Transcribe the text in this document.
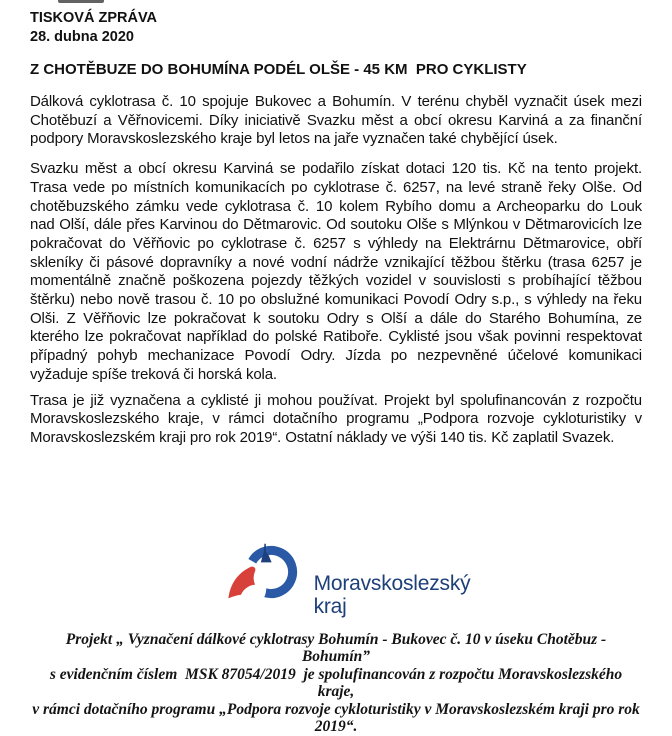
TISKOVÁ ZPRÁVA
28. dubna 2020
Z CHOTĚBUZE DO BOHUMÍNA PODÉL OLŠE - 45 KM  PRO CYKLISTY
Dálková cyklotrasa č. 10 spojuje Bukovec a Bohumín. V terénu chyběl vyznačit úsek mezi
Chotěbuzí a Věřnovicemi. Díky iniciativě Svazku měst a obcí okresu Karviná a za finanční
podpory Moravskoslezského kraje byl letos na jaře vyznačen také chybějící úsek.
Svazku měst a obcí okresu Karviná se podařilo získat dotaci 120 tis. Kč na tento projekt.
Trasa vede po místních komunikacích po cyklotrase č. 6257, na levé straně řeky Olše. Od
chotěbuzského zámku vede cyklotrasa č. 10 kolem Rybího domu a Archeoparku do Louk
nad Olší, dále přes Karvinou do Dětmarovic. Od soutoku Olše s Mlýnkou v Dětmarovicích lze
pokračovat do Věřňovic po cyklotrase č. 6257 s výhledy na Elektrárnu Dětmarovice, obří
skleníky či pásové dopravníky a nové vodní nádrže vznikající těžbou štěrku (trasa 6257 je
momentálně značně poškozena pojezdy těžkých vozidel v souvislosti s probíhající těžbou
štěrku) nebo nově trasou č. 10 po obslužné komunikaci Povodí Odry s.p., s výhledy na řeku
Olši. Z Věřňovic lze pokračovat k soutoku Odry s Olší a dále do Starého Bohumína, ze
kterého lze pokračovat například do polské Ratiboře. Cyklisté jsou však povinni respektovat
případný pohyb mechanizace Povodí Odry. Jízda po nezpevněné účelové komunikaci
vyžaduje spíše treková či horská kola.
Trasa je již vyznačena a cyklisté ji mohou používat. Projekt byl spolufinancován z rozpočtu
Moravskoslezského kraje, v rámci dotačního programu „Podpora rozvoje cykloturistiky v
Moravskoslezském kraji pro rok 2019“. Ostatní náklady ve výši 140 tis. Kč zaplatil Svazek.
Moravskoslezský
kraj
Projekt „ Vyznačení dálkové cyklotrasy Bohumín - Bukovec č. 10 v úseku Chotěbuz - Bohumín”
s evidenčním číslem  MSK 87054/2019  je spolufinancován z rozpočtu Moravskoslezského kraje,
v rámci dotačního programu „Podpora rozvoje cykloturistiky v Moravskoslezském kraji pro rok
2019“.
